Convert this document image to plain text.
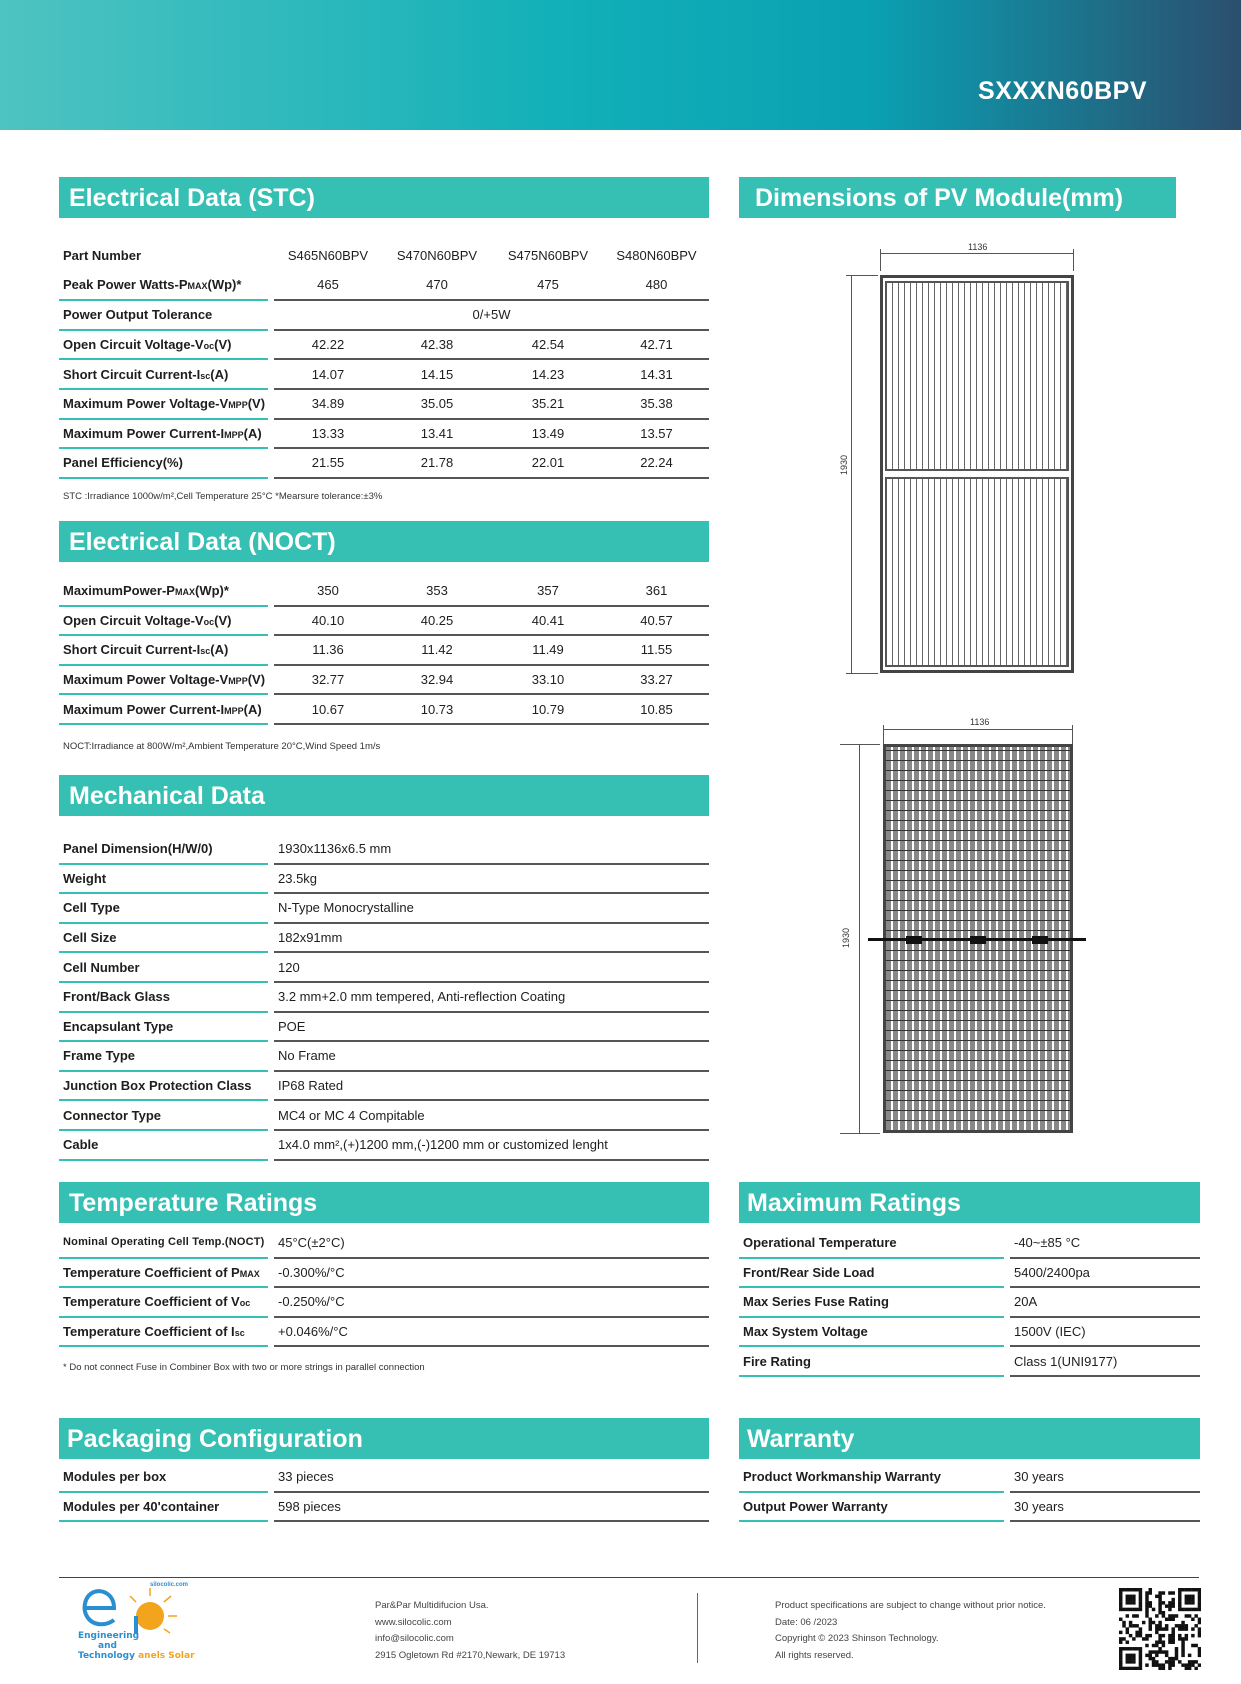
SXXXN60BPV
Electrical Data (STC)
Part Number		S465N60BPV	S470N60BPV	S475N60BPV	S480N60BPV
Peak Power Watts-PMAX(Wp)*		465	470	475	480
Power Output Tolerance		0/+5W			
Open Circuit Voltage-Voc(V)		42.22	42.38	42.54	42.71
Short Circuit Current-Isc(A)		14.07	14.15	14.23	14.31
Maximum Power Voltage-VMPP(V)		34.89	35.05	35.21	35.38
Maximum Power Current-IMPP(A)		13.33	13.41	13.49	13.57
Panel Efficiency(%)		21.55	21.78	22.01	22.24
STC :Irradiance 1000w/m²,Cell Temperature 25°C *Mearsure tolerance:±3%
Electrical Data (NOCT)
MaximumPower-PMAX(Wp)*		350	353	357	361
Open Circuit Voltage-Voc(V)		40.10	40.25	40.41	40.57
Short Circuit Current-Isc(A)		11.36	11.42	11.49	11.55
Maximum Power Voltage-VMPP(V)		32.77	32.94	33.10	33.27
Maximum Power Current-IMPP(A)		10.67	10.73	10.79	10.85
NOCT:Irradiance at 800W/m²,Ambient Temperature 20°C,Wind Speed 1m/s
Mechanical Data
Panel Dimension(H/W/0)		1930x1136x6.5 mm
Weight		23.5kg
Cell Type		N-Type Monocrystalline
Cell Size		182x91mm
Cell Number		120
Front/Back Glass		3.2 mm+2.0 mm tempered, Anti-reflection Coating
Encapsulant Type		POE
Frame Type		No Frame
Junction Box Protection Class		IP68 Rated
Connector Type		MC4 or MC 4 Compitable
Cable		1x4.0 mm²,(+)1200 mm,(-)1200 mm or customized lenght
Dimensions of PV Module(mm)
1136
1930
1136
1930
Temperature Ratings
Nominal Operating Cell Temp.(NOCT)		45°C(±2°C)
Temperature Coefficient of PMAX		-0.300%/°C
Temperature Coefficient of Voc		-0.250%/°C
Temperature Coefficient of Isc		+0.046%/°C
* Do not connect Fuse in Combiner Box with two or more strings in parallel connection
Maximum Ratings
Operational Temperature		-40~±85 °C
Front/Rear Side Load		5400/2400pa
Max Series Fuse Rating		20A
Max System Voltage		1500V (IEC)
Fire Rating		Class 1(UNI9177)
Packaging Configuration
Modules per box		33 pieces
Modules per 40'container		598 pieces
Warranty
Product Workmanship Warranty		30 years
Output Power Warranty		30 years
silocolic.com
Engineering
and
Technology anels Solar
Par&Par Multidifucion Usa.
www.silocolic.com
info@silocolic.com
2915 Ogletown Rd #2170,Newark, DE 19713
Product specifications are subject to change without prior notice.
Date: 06 /2023
Copyright © 2023 Shinson Technology.
All rights reserved.
